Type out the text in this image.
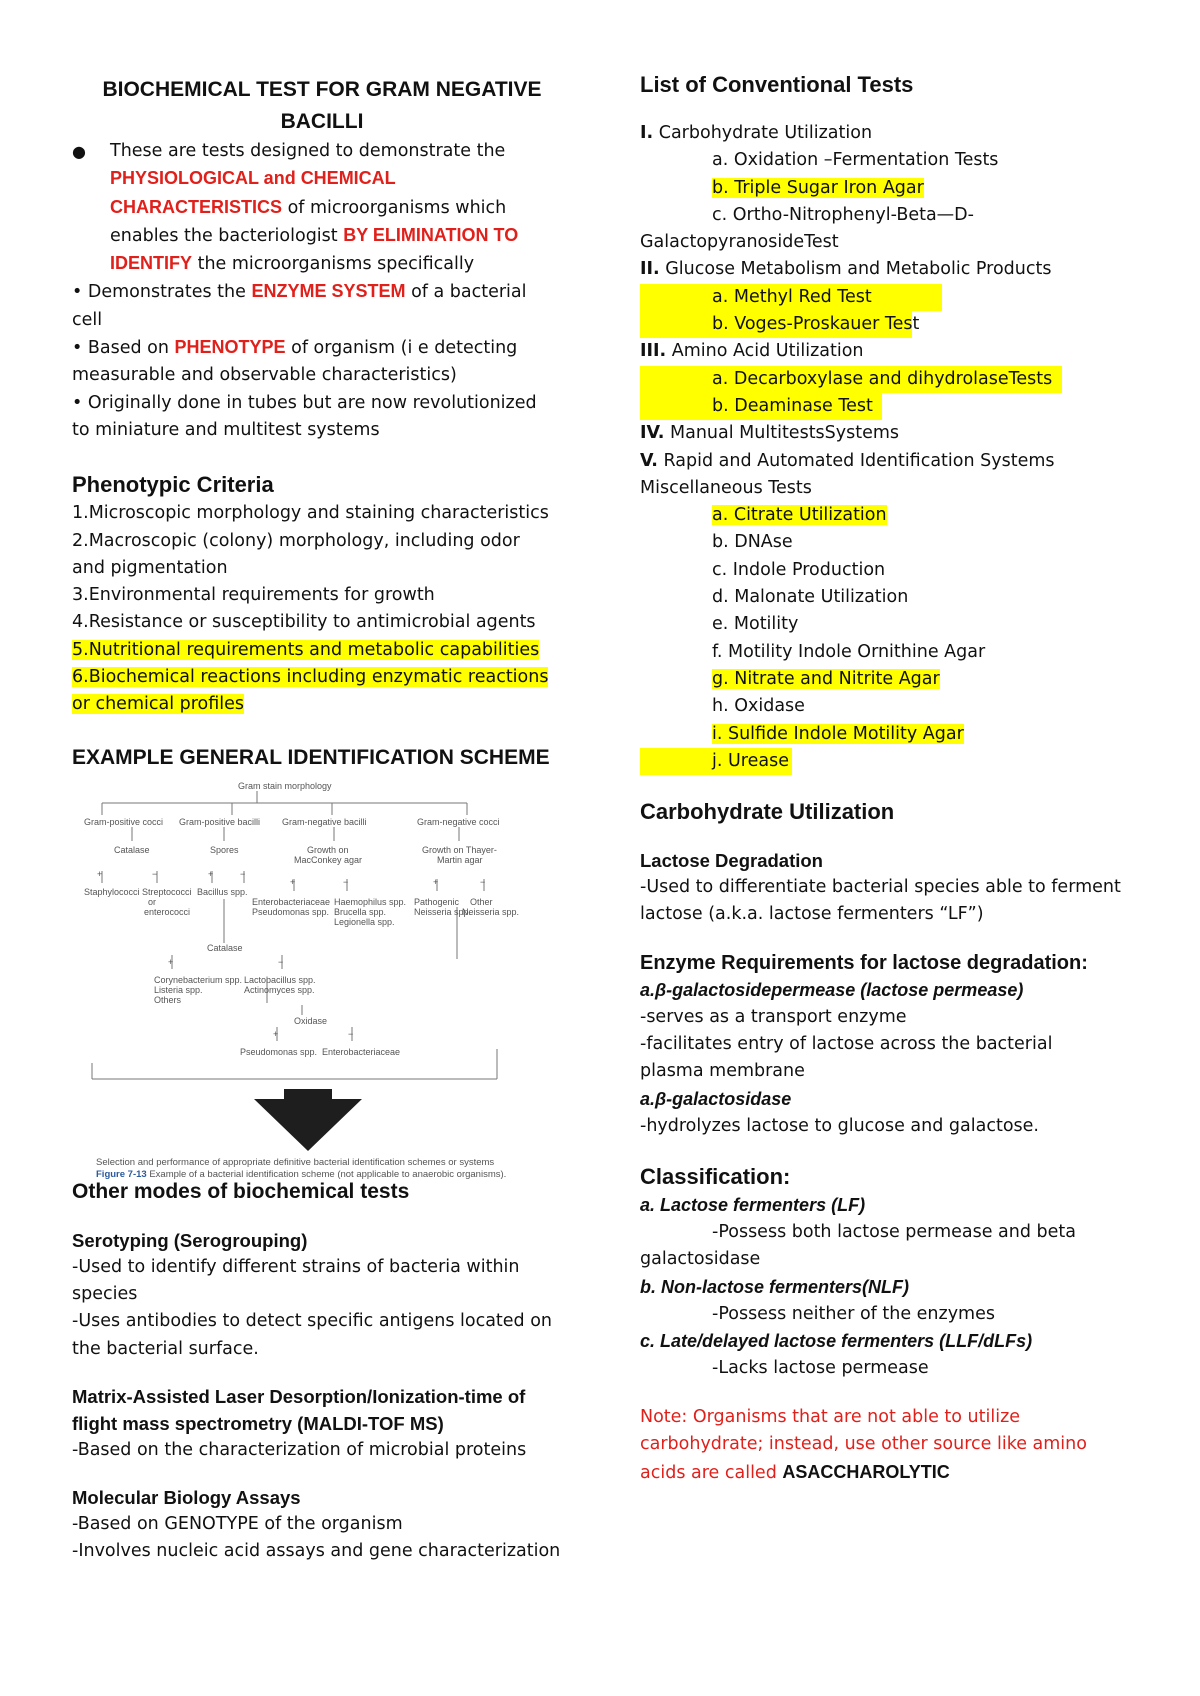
BIOCHEMICAL TEST FOR GRAM NEGATIVE
BACILLI
● These are tests designed to demonstrate the
PHYSIOLOGICAL and CHEMICAL
CHARACTERISTICS of microorganisms which
enables the bacteriologist BY ELIMINATION TO
IDENTIFY the microorganisms specifically
• Demonstrates the ENZYME SYSTEM of a bacterial
cell
• Based on PHENOTYPE of organism (i e detecting
measurable and observable characteristics)
• Originally done in tubes but are now revolutionized
to miniature and multitest systems
Phenotypic Criteria
1.Microscopic morphology and staining characteristics
2.Macroscopic (colony) morphology, including odor
and pigmentation
3.Environmental requirements for growth
4.Resistance or susceptibility to antimicrobial agents
5.Nutritional requirements and metabolic capabilities
6.Biochemical reactions including enzymatic reactions
or chemical profiles
EXAMPLE GENERAL IDENTIFICATION SCHEME
Gram stain morphology
Gram-positive cocci Gram-positive bacilli Gram-negative bacilli	Gram-negative cocci
Catalase	Spores	Growth on
MacConkey agar
Growth on Thayer-
Martin agar
+	−	+	−
+	−	+	−
Staphylococci Streptococci
or
enterococci
Bacillus spp.
Enterobacteriaceae
Pseudomonas spp.
Haemophilus spp.
Brucella spp.
Legionella spp.
Pathogenic
Neisseria spp.
Other
Neisseria spp.
Catalase
+	−
Corynebacterium spp.
Listeria spp.
Others
Lactobacillus spp.
Actinomyces spp.
Oxidase
+	−
Pseudomonas spp. Enterobacteriaceae
Selection and performance of appropriate definitive bacterial identification schemes or systems
Figure 7-13 Example of a bacterial identification scheme (not applicable to anaerobic organisms).
Other modes of biochemical tests
Serotyping (Serogrouping)
-Used to identify different strains of bacteria within
species
-Uses antibodies to detect specific antigens located on
the bacterial surface.
Matrix-Assisted Laser Desorption/Ionization-time of
flight mass spectrometry (MALDI-TOF MS)
-Based on the characterization of microbial proteins
Molecular Biology Assays
-Based on GENOTYPE of the organism
-Involves nucleic acid assays and gene characterization
List of Conventional Tests
I. Carbohydrate Utilization
a. Oxidation –Fermentation Tests
b. Triple Sugar Iron Agar
c. Ortho-Nitrophenyl-Beta—D-
GalactopyranosideTest
II. Glucose Metabolism and Metabolic Products
a. Methyl Red Test
b. Voges-Proskauer Test
III. Amino Acid Utilization
a. Decarboxylase and dihydrolaseTests
b. Deaminase Test
IV. Manual MultitestsSystems
V. Rapid and Automated Identification Systems
Miscellaneous Tests
a. Citrate Utilization
b. DNAse
c. Indole Production
d. Malonate Utilization
e. Motility
f. Motility Indole Ornithine Agar
g. Nitrate and Nitrite Agar
h. Oxidase
i. Sulfide Indole Motility Agar
j. Urease
Carbohydrate Utilization
Lactose Degradation
-Used to differentiate bacterial species able to ferment
lactose (a.k.a. lactose fermenters “LF”)
Enzyme Requirements for lactose degradation:
a.β-galactosidepermease (lactose permease)
-serves as a transport enzyme
-facilitates entry of lactose across the bacterial
plasma membrane
a.β-galactosidase
-hydrolyzes lactose to glucose and galactose.
Classification:
a. Lactose fermenters (LF)
-Possess both lactose permease and beta
galactosidase
b. Non-lactose fermenters(NLF)
-Possess neither of the enzymes
c. Late/delayed lactose fermenters (LLF/dLFs)
-Lacks lactose permease
Note: Organisms that are not able to utilize
carbohydrate; instead, use other source like amino
acids are called ASACCHAROLYTIC
